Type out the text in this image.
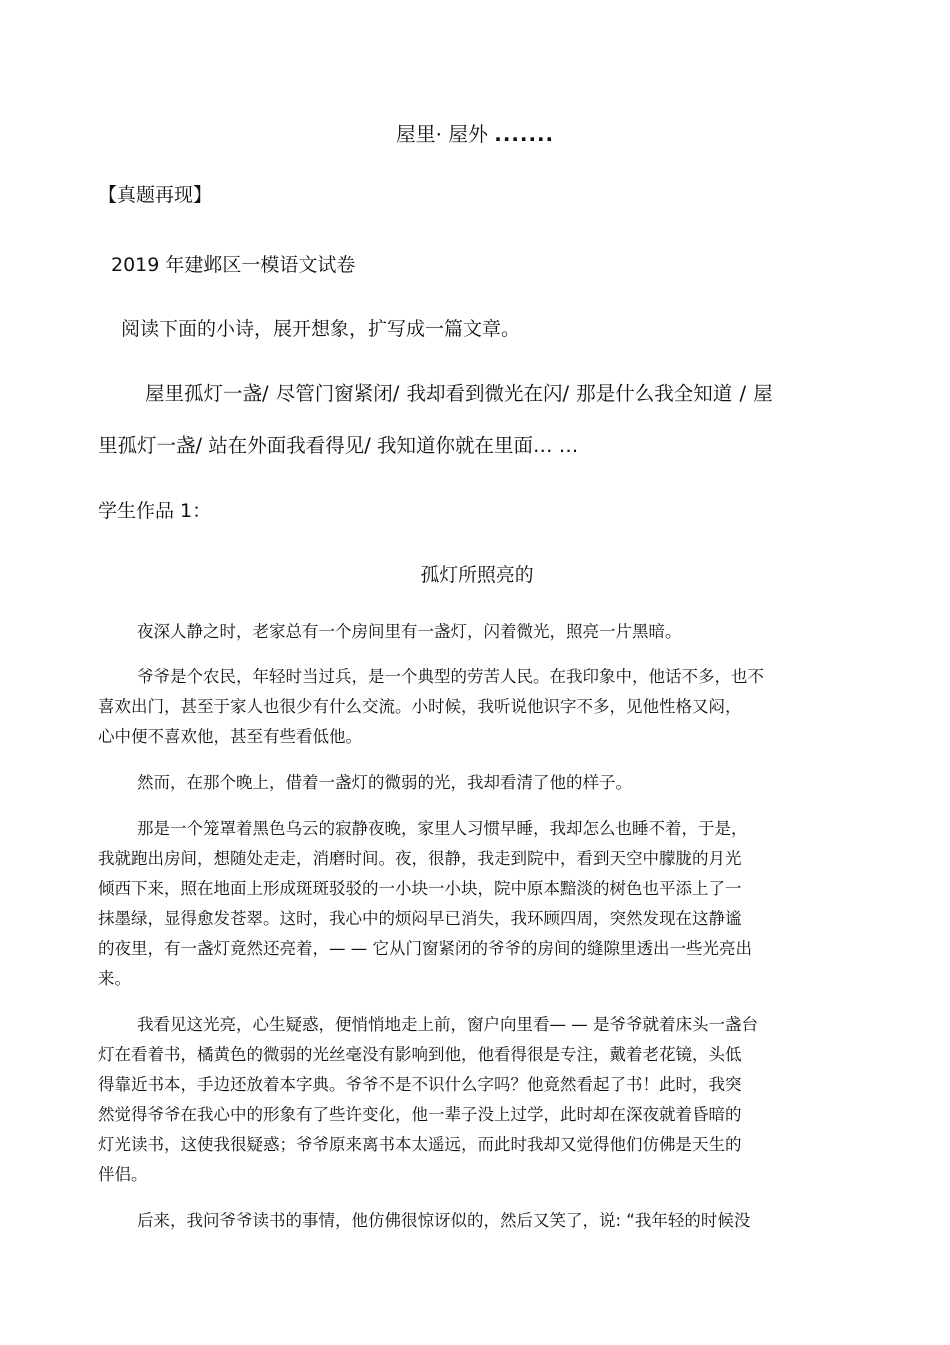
屋里· 屋外 .......
【真题再现】
2019 年建邺区一模语文试卷
阅读下面的小诗，展开想象，扩写成一篇文章。
屋里孤灯一盏/ 尽管门窗紧闭/ 我却看到微光在闪/ 那是什么我全知道 / 屋
里孤灯一盏/ 站在外面我看得见/ 我知道你就在里面… …
学生作品 1：
孤灯所照亮的
夜深人静之时，老家总有一个房间里有一盏灯，闪着微光，照亮一片黑暗。
爷爷是个农民，年轻时当过兵，是一个典型的劳苦人民。在我印象中，他话不多，也不
喜欢出门，甚至于家人也很少有什么交流。小时候，我听说他识字不多，见他性格又闷，
心中便不喜欢他，甚至有些看低他。
然而，在那个晚上，借着一盏灯的微弱的光，我却看清了他的样子。
那是一个笼罩着黑色乌云的寂静夜晚，家里人习惯早睡，我却怎么也睡不着，于是，
我就跑出房间，想随处走走，消磨时间。夜，很静，我走到院中，看到天空中朦胧的月光
倾西下来，照在地面上形成斑斑驳驳的一小块一小块，院中原本黯淡的树色也平添上了一
抹墨绿，显得愈发苍翠。这时，我心中的烦闷早已消失，我环顾四周，突然发现在这静谧
的夜里，有一盏灯竟然还亮着，— — 它从门窗紧闭的爷爷的房间的缝隙里透出一些光亮出
来。
我看见这光亮，心生疑惑，便悄悄地走上前，窗户向里看— — 是爷爷就着床头一盏台
灯在看着书，橘黄色的微弱的光丝毫没有影响到他，他看得很是专注，戴着老花镜，头低
得靠近书本，手边还放着本字典。爷爷不是不识什么字吗？他竟然看起了书！此时，我突
然觉得爷爷在我心中的形象有了些许变化，他一辈子没上过学，此时却在深夜就着昏暗的
灯光读书，这使我很疑惑；爷爷原来离书本太遥远，而此时我却又觉得他们仿佛是天生的
伴侣。
后来，我问爷爷读书的事情，他仿佛很惊讶似的，然后又笑了，说: “我年轻的时候没
